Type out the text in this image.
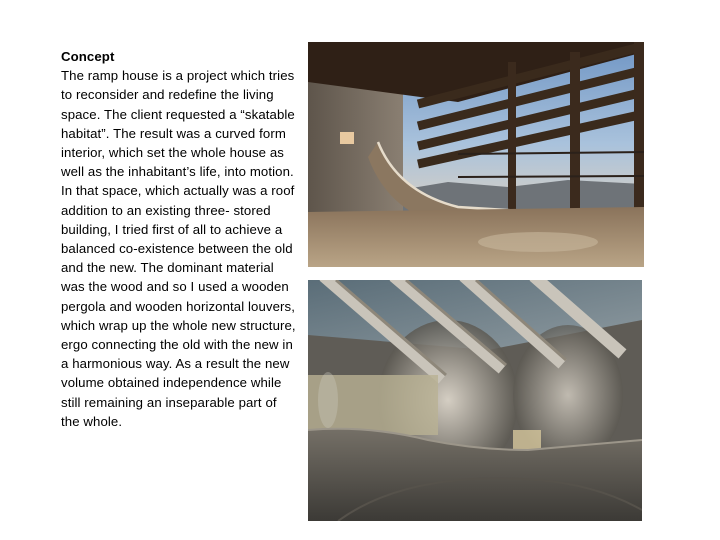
Concept
The ramp house is a project which tries to reconsider and redefine the living space. The client requested a “skatable habitat”. The result was a curved form interior, which set the whole house as well as the inhabitant’s life, into motion. In that space, which actually was a roof addition to an existing three- stored building, I tried first of all to achieve a balanced co-existence between the old and the new. The dominant material was the wood and so I used a wooden pergola and wooden horizontal louvers, which wrap up the whole new structure, ergo connecting the old with the new in a harmonious way. As a result the new volume obtained independence while still remaining an inseparable part of the whole.
